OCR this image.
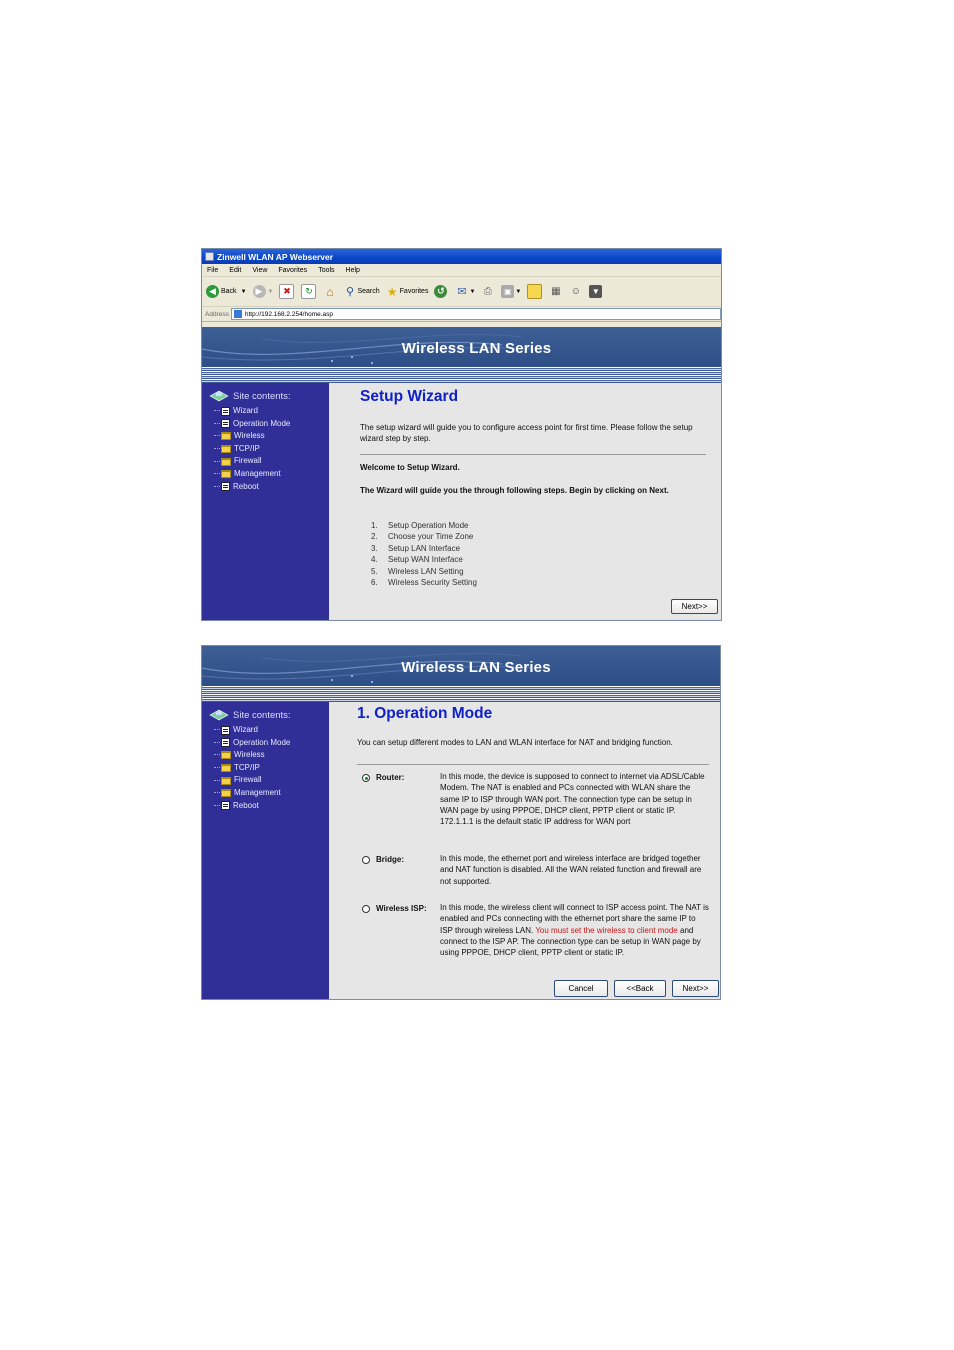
Zinwell WLAN AP Webserver
File Edit View Favorites Tools Help
◀ Back ▼	▶ ▼	✖	↻	⌂ ⚲ Search ★ Favorites ↺ ✉ ▼ ⎙	▣ ▼	▦ ☺	▼
Address http://192.168.2.254/home.asp
Wireless LAN Series
Site contents:
Wizard
Operation Mode
Wireless
TCP/IP
Firewall
Management
Reboot
Setup Wizard
The setup wizard will guide you to configure access point for first time. Please follow the setup wizard step by step.
Welcome to Setup Wizard.
The Wizard will guide you the through following steps. Begin by clicking on Next.
1. Setup Operation Mode
2. Choose your Time Zone
3. Setup LAN Interface
4. Setup WAN Interface
5. Wireless LAN Setting
6. Wireless Security Setting
Next>>
Wireless LAN Series
Site contents:
Wizard
Operation Mode
Wireless
TCP/IP
Firewall
Management
Reboot
1. Operation Mode
You can setup different modes to LAN and WLAN interface for NAT and bridging function.
Router:	In this mode, the device is supposed to connect to internet via ADSL/Cable Modem. The NAT is enabled and PCs connected with WLAN share the same IP to ISP through WAN port. The connection type can be setup in WAN page by using PPPOE, DHCP client, PPTP client or static IP. 172.1.1.1 is the default static IP address for WAN port
Bridge:	In this mode, the ethernet port and wireless interface are bridged together and NAT function is disabled. All the WAN related function and firewall are not supported.
Wireless ISP: In this mode, the wireless client will connect to ISP access point. The NAT is enabled and PCs connecting with the ethernet port share the same IP to ISP through wireless LAN. You must set the wireless to client mode and connect to the ISP AP. The connection type can be setup in WAN page by using PPPOE, DHCP client, PPTP client or static IP.
Cancel	<<Back	Next>>
